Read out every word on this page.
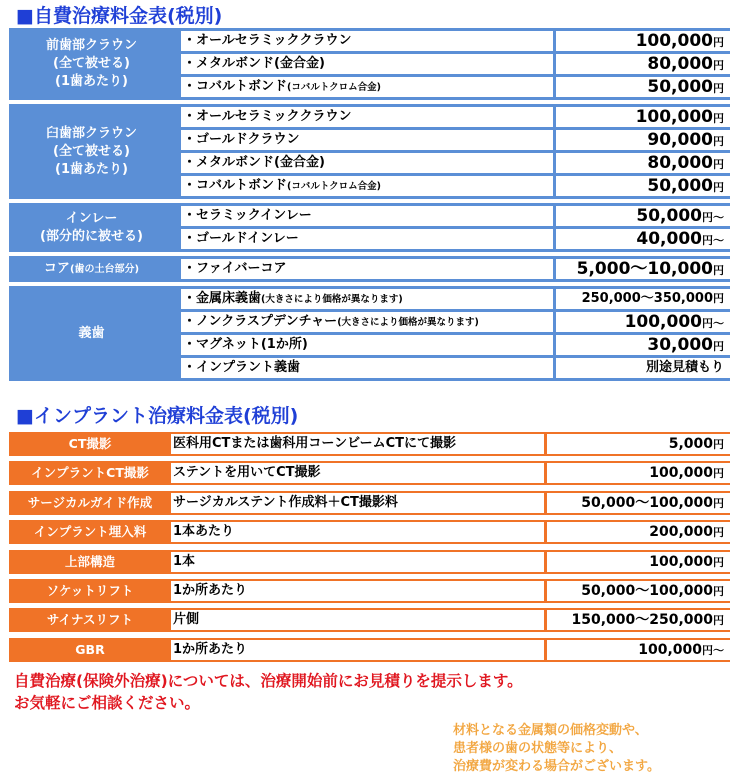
■自費治療料金表(税別)
前歯部クラウン
(全て被せる)
(1歯あたり)
・オールセラミッククラウン	100,000円
・メタルボンド(金合金)	80,000円
・コバルトボンド(コバルトクロム合金)	50,000円
臼歯部クラウン
(全て被せる)
(1歯あたり)
・オールセラミッククラウン	100,000円
・ゴールドクラウン	90,000円
・メタルボンド(金合金)	80,000円
・コバルトボンド(コバルトクロム合金)	50,000円
インレー
(部分的に被せる)
・セラミックインレー	50,000円〜
・ゴールドインレー	40,000円〜
コア(歯の土台部分)	・ファイバーコア	5,000〜10,000円
義歯
・金属床義歯(大きさにより価格が異なります)	250,000〜350,000円
・ノンクラスプデンチャー(大きさにより価格が異なります)	100,000円〜
・マグネット(1か所)	30,000円
・インプラント義歯	別途見積もり
■インプラント治療料金表(税別)
CT撮影	医科用CTまたは歯科用コーンビームCTにて撮影	5,000円
インプラントCT撮影	ステントを用いてCT撮影	100,000円
サージカルガイド作成	サージカルステント作成料＋CT撮影料	50,000〜100,000円
インプラント埋入料	1本あたり	200,000円
上部構造	1本	100,000円
ソケットリフト	1か所あたり	50,000〜100,000円
サイナスリフト	片側	150,000〜250,000円
GBR	1か所あたり	100,000円〜
自費治療(保険外治療)については、治療開始前にお見積りを提示します。
お気軽にご相談ください。
材料となる金属類の価格変動や、
患者様の歯の状態等により、
治療費が変わる場合がございます。
